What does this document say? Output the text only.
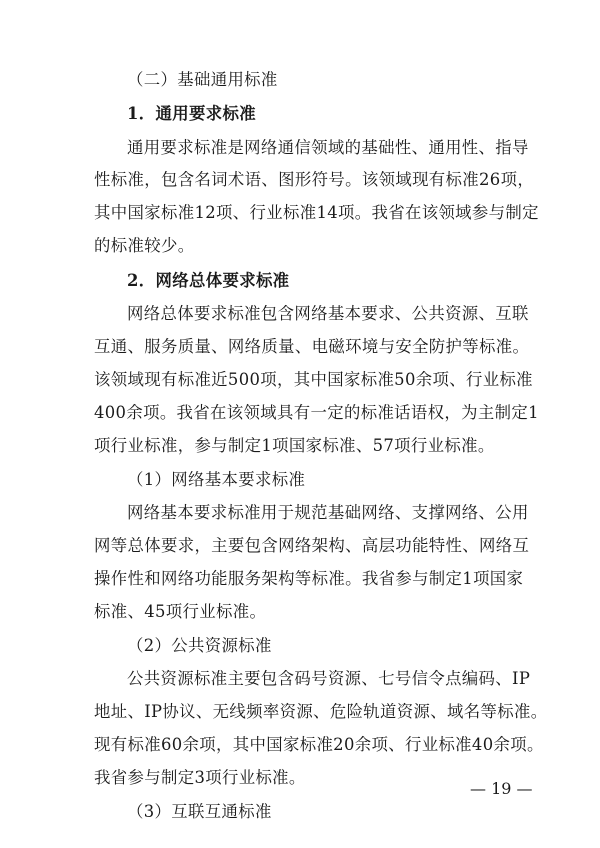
（二）基础通用标准
1．通用要求标准
通用要求标准是网络通信领域的基础性、通用性、指导
性标准，包含名词术语、图形符号。该领域现有标准26项，
其中国家标准12项、行业标准14项。我省在该领域参与制定
的标准较少。
2．网络总体要求标准
网络总体要求标准包含网络基本要求、公共资源、互联
互通、服务质量、网络质量、电磁环境与安全防护等标准。
该领域现有标准近500项，其中国家标准50余项、行业标准
400余项。我省在该领域具有一定的标准话语权，为主制定1
项行业标准，参与制定1项国家标准、57项行业标准。
（1）网络基本要求标准
网络基本要求标准用于规范基础网络、支撑网络、公用
网等总体要求，主要包含网络架构、高层功能特性、网络互
操作性和网络功能服务架构等标准。我省参与制定1项国家
标准、45项行业标准。
（2）公共资源标准
公共资源标准主要包含码号资源、七号信令点编码、IP
地址、IP协议、无线频率资源、危险轨道资源、域名等标准。
现有标准60余项，其中国家标准20余项、行业标准40余项。
我省参与制定3项行业标准。
（3）互联互通标准
— 19 —
